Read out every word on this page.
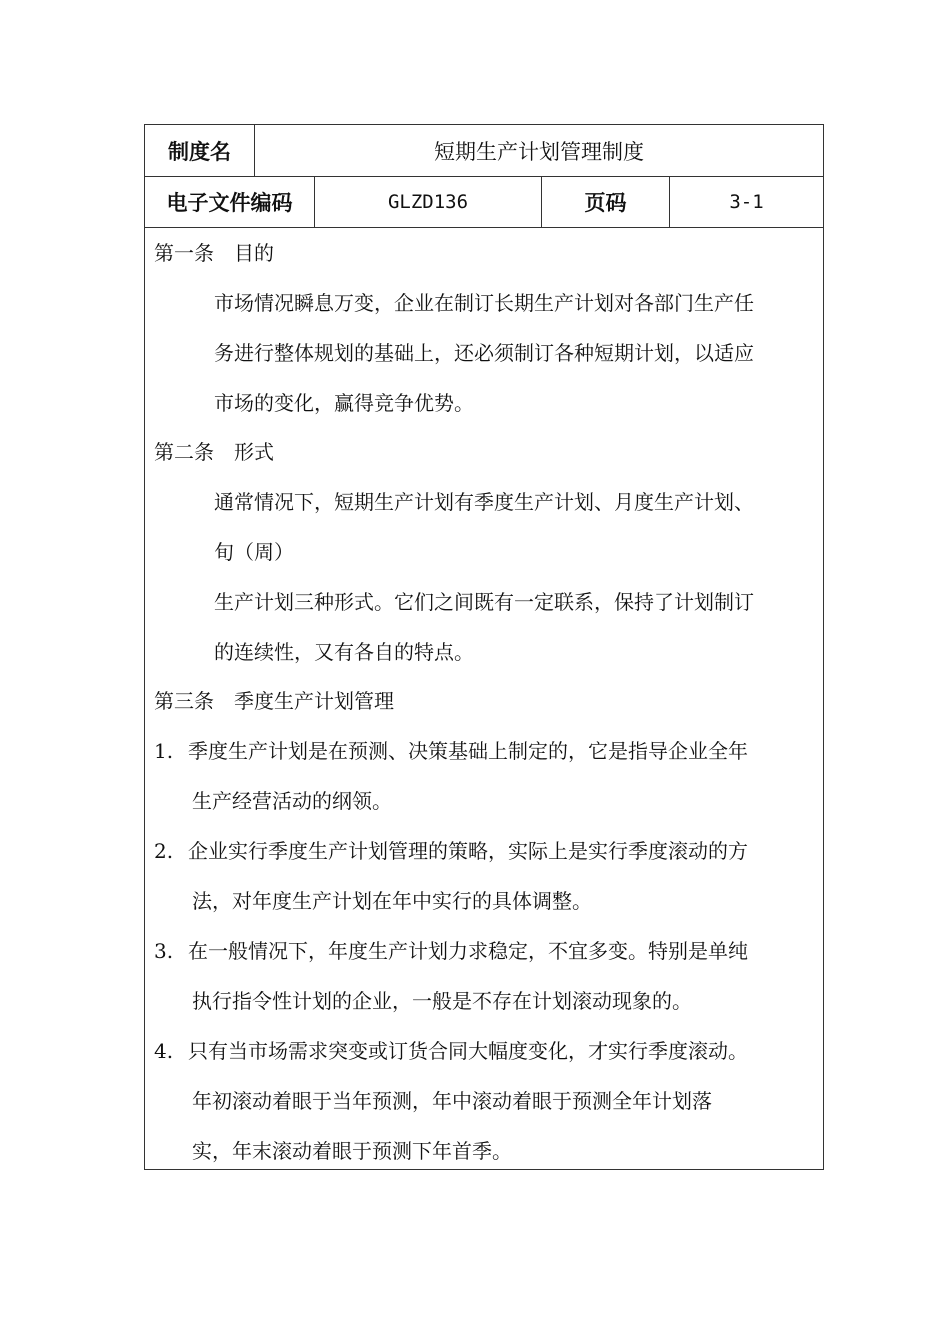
制度名	短期生产计划管理制度
电子文件编码	GLZD136	页码	3-1
第一条　目的
市场情况瞬息万变，企业在制订长期生产计划对各部门生产任
务进行整体规划的基础上，还必须制订各种短期计划，以适应
市场的变化，赢得竞争优势。
第二条　形式
通常情况下，短期生产计划有季度生产计划、月度生产计划、
旬（周）
生产计划三种形式。它们之间既有一定联系，保持了计划制订
的连续性，又有各自的特点。
第三条　季度生产计划管理
1. 季度生产计划是在预测、决策基础上制定的，它是指导企业全年
生产经营活动的纲领。
2. 企业实行季度生产计划管理的策略，实际上是实行季度滚动的方
法，对年度生产计划在年中实行的具体调整。
3. 在一般情况下，年度生产计划力求稳定，不宜多变。特别是单纯
执行指令性计划的企业，一般是不存在计划滚动现象的。
4. 只有当市场需求突变或订货合同大幅度变化，才实行季度滚动。
年初滚动着眼于当年预测，年中滚动着眼于预测全年计划落
实，年末滚动着眼于预测下年首季。
